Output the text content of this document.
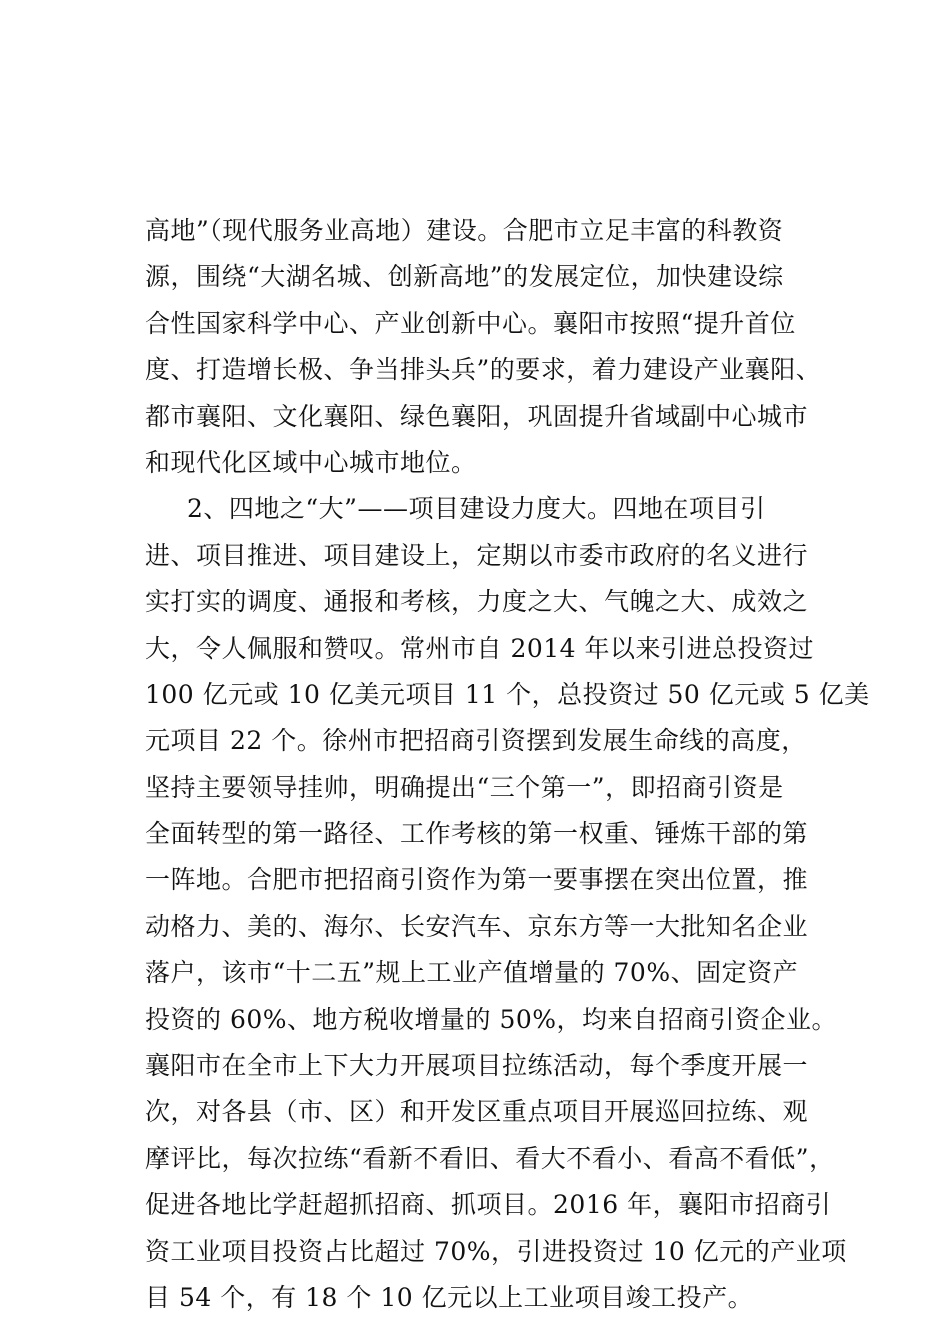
高地”（现代服务业高地）建设。合肥市立足丰富的科教资
源，围绕“大湖名城、创新高地”的发展定位，加快建设综
合性国家科学中心、产业创新中心。襄阳市按照“提升首位
度、打造增长极、争当排头兵”的要求，着力建设产业襄阳、
都市襄阳、文化襄阳、绿色襄阳，巩固提升省域副中心城市
和现代化区域中心城市地位。
2、四地之“大”——项目建设力度大。四地在项目引
进、项目推进、项目建设上，定期以市委市政府的名义进行
实打实的调度、通报和考核，力度之大、气魄之大、成效之
大，令人佩服和赞叹。常州市自 2014 年以来引进总投资过
100 亿元或 10 亿美元项目 11 个，总投资过 50 亿元或 5 亿美
元项目 22 个。徐州市把招商引资摆到发展生命线的高度，
坚持主要领导挂帅，明确提出“三个第一”，即招商引资是
全面转型的第一路径、工作考核的第一权重、锤炼干部的第
一阵地。合肥市把招商引资作为第一要事摆在突出位置，推
动格力、美的、海尔、长安汽车、京东方等一大批知名企业
落户，该市“十二五”规上工业产值增量的 70%、固定资产
投资的 60%、地方税收增量的 50%，均来自招商引资企业。
襄阳市在全市上下大力开展项目拉练活动，每个季度开展一
次，对各县（市、区）和开发区重点项目开展巡回拉练、观
摩评比，每次拉练“看新不看旧、看大不看小、看高不看低”，
促进各地比学赶超抓招商、抓项目。2016 年，襄阳市招商引
资工业项目投资占比超过 70%，引进投资过 10 亿元的产业项
目 54 个，有 18 个 10 亿元以上工业项目竣工投产。
